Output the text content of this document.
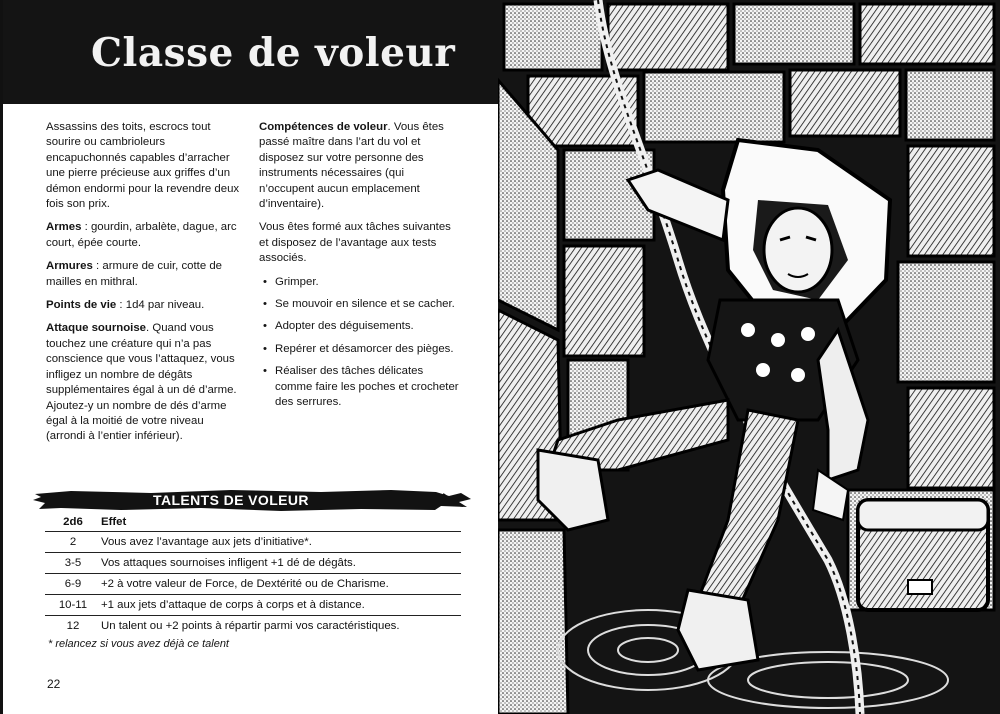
Classe de voleur

Assassins des toits, escrocs tout sourire ou cambrioleurs encapuchonnés capables d’arracher une pierre précieuse aux griffes d’un démon endormi pour la revendre deux fois son prix.

Armes : gourdin, arbalète, dague, arc court, épée courte.

Armures : armure de cuir, cotte de mailles en mithral.

Points de vie : 1d4 par niveau.

Attaque sournoise. Quand vous touchez une créature qui n’a pas conscience que vous l’attaquez, vous infligez un nombre de dégâts supplémentaires égal à un dé d’arme. Ajoutez-y un nombre de dés d’arme égal à la moitié de votre niveau (arrondi à l’entier inférieur).

Compétences de voleur. Vous êtes passé maître dans l’art du vol et disposez sur votre personne des instruments nécessaires (qui n’occupent aucun emplacement d’inventaire).

Vous êtes formé aux tâches suivantes et disposez de l’avantage aux tests associés.

• Grimper.
• Se mouvoir en silence et se cacher.
• Adopter des déguisements.
• Repérer et désamorcer des pièges.
• Réaliser des tâches délicates comme faire les poches et crocheter des serrures.
TALENTS DE VOLEUR
2d6	Effet
2	Vous avez l’avantage aux jets d’initiative*.
3-5	Vos attaques sournoises infligent +1 dé de dégâts.
6-9	+2 à votre valeur de Force, de Dextérité ou de Charisme.
10-11	+1 aux jets d’attaque de corps à corps et à distance.
12	Un talent ou +2 points à répartir parmi vos caractéristiques.
* relancez si vous avez déjà ce talent
22
